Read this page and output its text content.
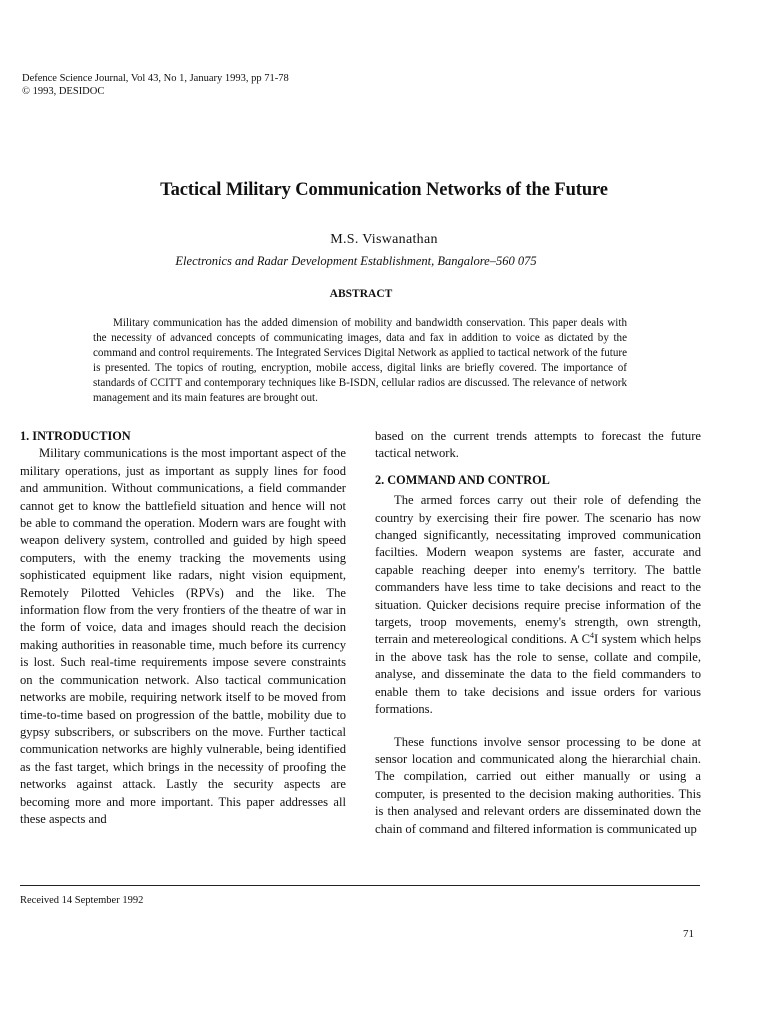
Defence Science Journal, Vol 43, No 1, January 1993, pp 71-78
© 1993, DESIDOC
Tactical Military Communication Networks of the Future
M.S. Viswanathan
Electronics and Radar Development Establishment, Bangalore–560 075
ABSTRACT
Military communication has the added dimension of mobility and bandwidth conservation. This paper deals with the necessity of advanced concepts of communicating images, data and fax in addition to voice as dictated by the command and control requirements. The Integrated Services Digital Network as applied to tactical network of the future is presented. The topics of routing, encryption, mobile access, digital links are briefly covered. The importance of standards of CCITT and contemporary techniques like B-ISDN, cellular radios are discussed. The relevance of network management and its main features are brought out.
1. INTRODUCTION

Military communications is the most important aspect of the military operations, just as important as supply lines for food and ammunition. Without communications, a field commander cannot get to know the battlefield situation and hence will not be able to command the operation. Modern wars are fought with weapon delivery system, controlled and guided by high speed computers, with the enemy tracking the movements using sophisticated equipment like radars, night vision equipment, Remotely Pilotted Vehicles (RPVs) and the like. The information flow from the very frontiers of the theatre of war in the form of voice, data and images should reach the decision making authorities in reasonable time, much before its currency is lost. Such real-time requirements impose severe constraints on the communication network. Also tactical communication networks are mobile, requiring network itself to be moved from time-to-time based on progression of the battle, mobility due to gypsy subscribers, or subscribers on the move. Further tactical communication networks are highly vulnerable, being identified as the fast target, which brings in the necessity of proofing the networks against attack. Lastly the security aspects are becoming more and more important. This paper addresses all these aspects and

based on the current trends attempts to forecast the future tactical network.

2. COMMAND AND CONTROL

The armed forces carry out their role of defending the country by exercising their fire power. The scenario has now changed significantly, necessitating improved communication facilties. Modern weapon systems are faster, accurate and capable reaching deeper into enemy's territory. The battle commanders have less time to take decisions and react to the situation. Quicker decisions require precise information of the targets, troop movements, enemy's strength, own strength, terrain and metereological conditions. A $C^4I$ system which helps in the above task has the role to sense, collate and compile, analyse, and disseminate the data to the field commanders to enable them to take decisions and issue orders for various formations.

These functions involve sensor processing to be done at sensor location and communicated along the hierarchial chain. The compilation, carried out either manually or using a computer, is presented to the decision making authorities. This is then analysed and relevant orders are disseminated down the chain of command and filtered information is communicated up

Received 14 September 1992
71
